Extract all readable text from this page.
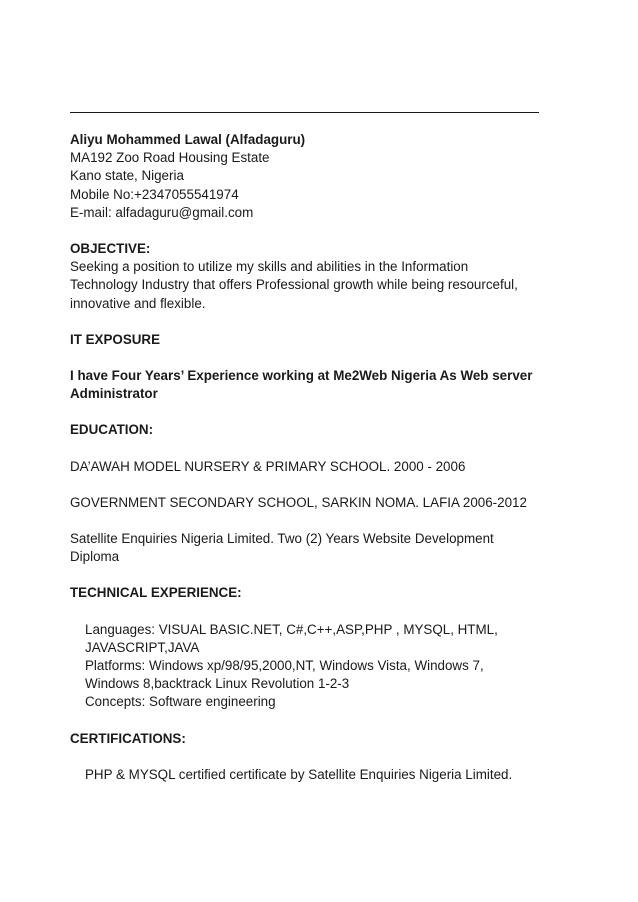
Aliyu Mohammed Lawal (Alfadaguru)
MA192 Zoo Road Housing Estate
Kano state, Nigeria
Mobile No:+2347055541974
E-mail: alfadaguru@gmail.com
OBJECTIVE:
Seeking a position to utilize my skills and abilities in the Information
Technology Industry that offers Professional growth while being resourceful,
innovative and flexible.
IT EXPOSURE
I have Four Years’ Experience working at Me2Web Nigeria As Web server
Administrator
EDUCATION:
DA’AWAH MODEL NURSERY & PRIMARY SCHOOL. 2000 - 2006
GOVERNMENT SECONDARY SCHOOL, SARKIN NOMA. LAFIA 2006-2012
Satellite Enquiries Nigeria Limited. Two (2) Years Website Development
Diploma
TECHNICAL EXPERIENCE:
Languages: VISUAL BASIC.NET, C#,C++,ASP,PHP , MYSQL, HTML,
JAVASCRIPT,JAVA
Platforms: Windows xp/98/95,2000,NT, Windows Vista, Windows 7,
Windows 8,backtrack Linux Revolution 1-2-3
Concepts: Software engineering
CERTIFICATIONS:
PHP & MYSQL certified certificate by Satellite Enquiries Nigeria Limited.
